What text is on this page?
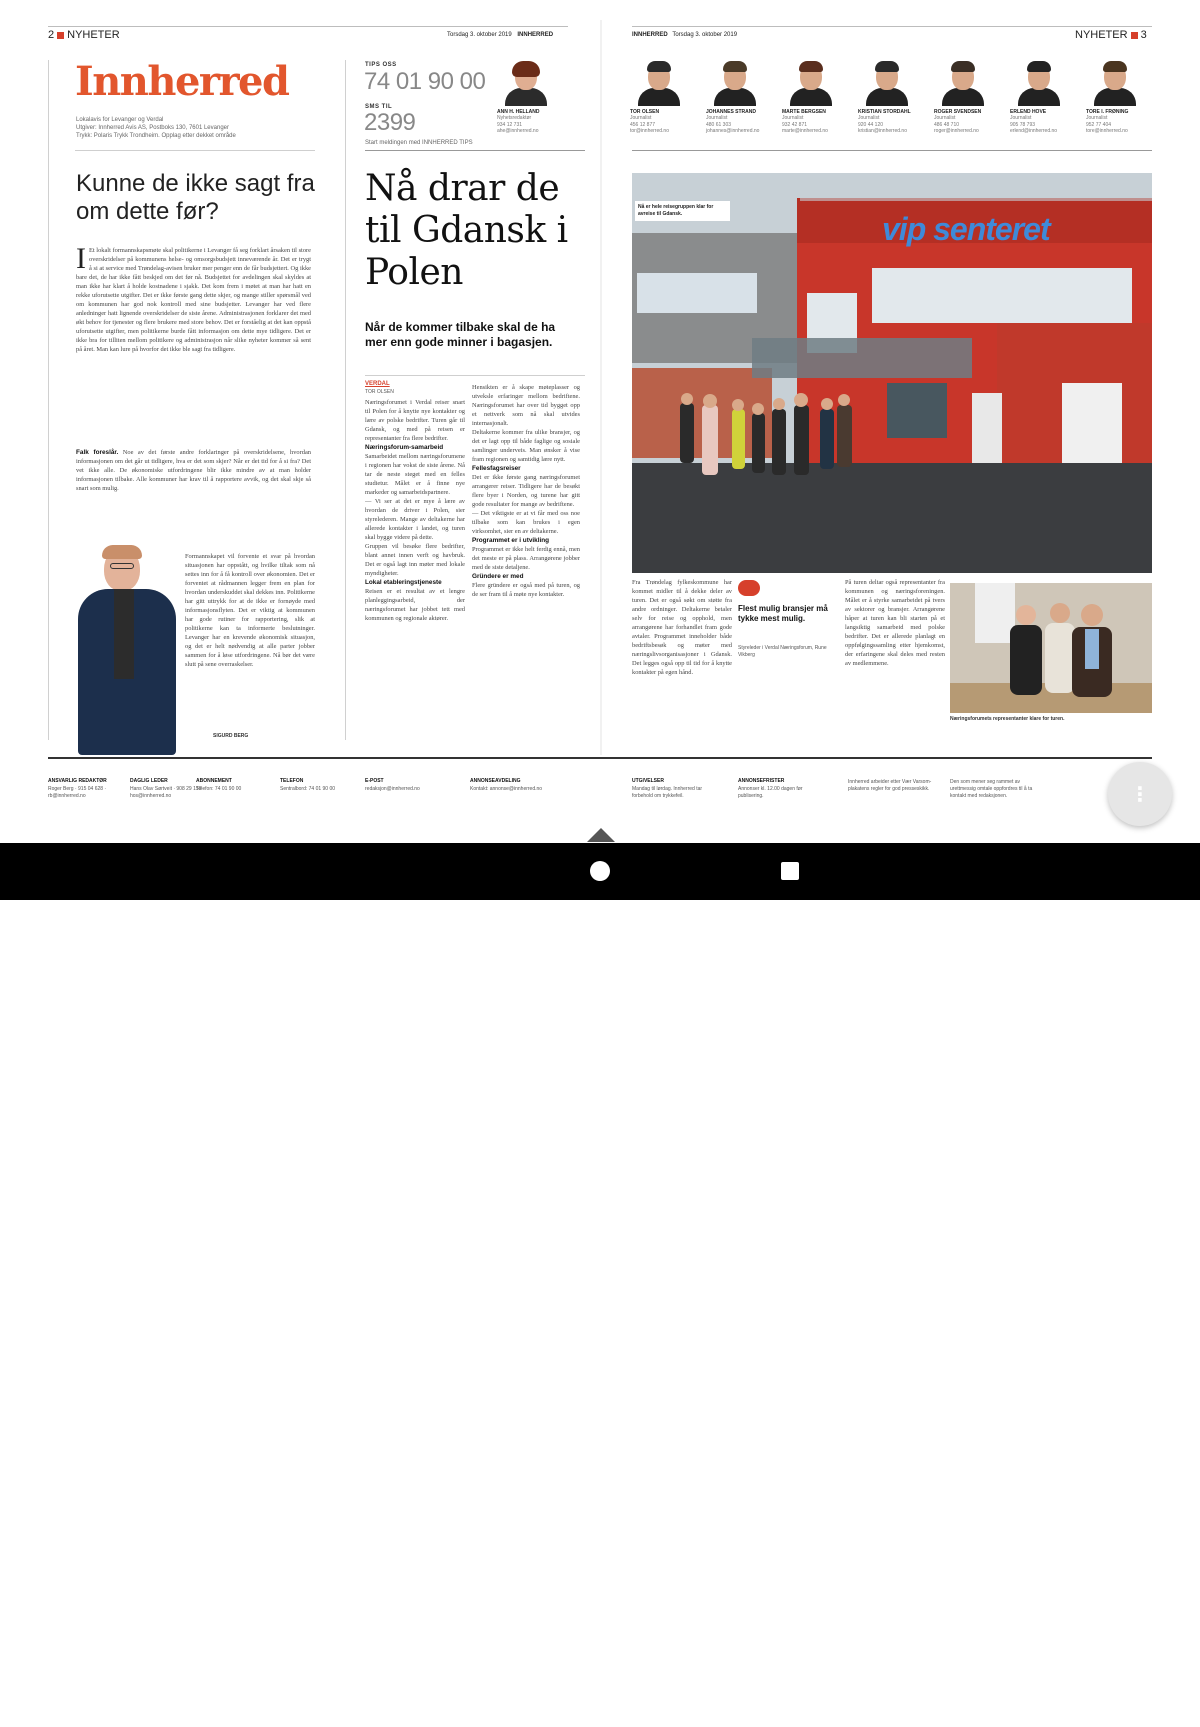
2 NYHETER	Torsdag 3. oktober 2019 INNHERRED	INNHERRED Torsdag 3. oktober 2019	NYHETER 3
Innherred
Lokalavis for Levanger og Verdal
Utgiver: Innherred Avis AS, Postboks 130, 7601 Levanger
Trykk: Polaris Trykk Trondheim. Opplag etter dekket område
TIPS OSS
74 01 90 00
SMS TIL
2399
Start meldingen med INNHERRED TIPS
ANN H. HELLAND
Nyhetsredaktør
934 12 731
ahe@innherred.no
TOR OLSEN
Journalist
456 12 877
tor@innherred.no
JOHANNES STRAND
Journalist
480 61 303
johannes@innherred.no
MARTE BERGSEN
Journalist
932 42 871
marte@innherred.no
KRISTIAN STORDAHL
Journalist
920 44 120
kristian@innherred.no
ROGER SVENDSEN
Journalist
486 48 710
roger@innherred.no
ERLEND HOVE
Journalist
905 78 793
erlend@innherred.no
TORE I. FRØNING
Journalist
952 77 404
tore@innherred.no
Kunne de ikke sagt fra om dette før?
I Et lokalt formannskapsmøte skal politikerne i Levanger få seg forklart årsaken til store overskridelser på kommunens helse- og omsorgsbudsjett inneværende år. Det er trygt å si at service med Trøndelag-avisen bruker mer penger enn de får budsjettert. Og ikke bare det, de har ikke fått beskjed om det før nå. Budsjettet for avdelingen skal skyldes at man ikke har klart å holde kostnadene i sjakk. Det kom frem i møtet at man har hatt en rekke uforutsette utgifter. Det er ikke første gang dette skjer, og mange stiller spørsmål ved om kommunen har god nok kontroll med sine budsjetter. Levanger har ved flere anledninger hatt lignende overskridelser de siste årene. Administrasjonen forklarer det med økt behov for tjenester og flere brukere med store behov. Det er forståelig at det kan oppstå uforutsette utgifter, men politikerne burde fått informasjon om dette mye tidligere. Det er ikke bra for tilliten mellom politikere og administrasjon når slike nyheter kommer så sent på året. Man kan lure på hvorfor det ikke ble sagt fra tidligere.
Falk foreslår. Noe av det første andre forklaringer på overskridelsene, hvordan informasjonen om det går ut tidligere, hva er det som skjer? Når er det tid for å si fra? Det vet ikke alle. De økonomiske utfordringene blir ikke mindre av at man holder informasjonen tilbake. Alle kommuner har krav til å rapportere avvik, og det skal skje så snart som mulig.
Formannskapet vil forvente et svar på hvordan situasjonen har oppstått, og hvilke tiltak som nå settes inn for å få kontroll over økonomien. Det er forventet at rådmannen legger frem en plan for hvordan underskuddet skal dekkes inn. Politikerne har gitt uttrykk for at de ikke er fornøyde med informasjonsflyten. Det er viktig at kommunen har gode rutiner for rapportering, slik at politikerne kan ta informerte beslutninger. Levanger har en krevende økonomisk situasjon, og det er helt nødvendig at alle parter jobber sammen for å løse utfordringene. Nå bør det være slutt på sene overraskelser.
SIGURD BERG
Nå drar de til Gdansk i Polen
Når de kommer tilbake skal de ha mer enn gode minner i bagasjen.
VERDAL
TOR OLSEN
Næringsforumet i Verdal reiser snart til Polen for å knytte nye kontakter og lære av polske bedrifter. Turen går til Gdansk, og med på reisen er representanter fra flere bedrifter.
Næringsforum-samarbeid
Samarbeidet mellom næringsforumene i regionen har vokst de siste årene. Nå tar de neste steget med en felles studietur. Målet er å finne nye markeder og samarbeidspartnere.
— Vi ser at det er mye å lære av hvordan de driver i Polen, sier styrelederen. Mange av deltakerne har allerede kontakter i landet, og turen skal bygge videre på dette.
Gruppen vil besøke flere bedrifter, blant annet innen verft og havbruk. Det er også lagt inn møter med lokale myndigheter.
Lokal etableringstjeneste
Reisen er et resultat av et lengre planleggingsarbeid, der næringsforumet har jobbet tett med kommunen og regionale aktører.
Hensikten er å skape møteplasser og utveksle erfaringer mellom bedriftene. Næringsforumet har over tid bygget opp et nettverk som nå skal utvides internasjonalt.
Deltakerne kommer fra ulike bransjer, og det er lagt opp til både faglige og sosiale samlinger underveis. Man ønsker å vise fram regionen og samtidig lære nytt.
Fellesfagsreiser
Det er ikke første gang næringsforumet arrangerer reiser. Tidligere har de besøkt flere byer i Norden, og turene har gitt gode resultater for mange av bedriftene.
— Det viktigste er at vi får med oss noe tilbake som kan brukes i egen virksomhet, sier en av deltakerne.
Programmet er i utvikling
Programmet er ikke helt ferdig ennå, men det meste er på plass. Arrangørene jobber med de siste detaljene.
Gründere er med
Flere gründere er også med på turen, og de ser fram til å møte nye kontakter.
vip senteret
Nå er hele reisegruppen klar for avreise til Gdansk.
Fra Trøndelag fylkeskommune har kommet midler til å dekke deler av turen. Det er også søkt om støtte fra andre ordninger. Deltakerne betaler selv for reise og opphold, men arrangørene har forhandlet fram gode avtaler. Programmet inneholder både bedriftsbesøk og møter med næringslivsorganisasjoner i Gdansk. Det legges også opp til tid for å knytte kontakter på egen hånd.
Flest mulig bransjer må tykke mest mulig.
Styreleder i Verdal Næringsforum, Rune Vikberg
På turen deltar også representanter fra kommunen og næringsforeningen. Målet er å styrke samarbeidet på tvers av sektorer og bransjer. Arrangørene håper at turen kan bli starten på et langsiktig samarbeid med polske bedrifter. Det er allerede planlagt en oppfølgingssamling etter hjemkomst, der erfaringene skal deles med resten av medlemmene.
Næringsforumets representanter klare for turen.
ANSVARLIG REDAKTØR
Roger Berg · 915 04 628 · rb@innherred.no
DAGLIG LEDER
Hans Olav Sørtveit · 908 29 159 · hos@innherred.no
ABONNEMENT
Telefon: 74 01 90 00
TELEFON
Sentralbord: 74 01 90 00
E-POST
redaksjon@innherred.no
ANNONSEAVDELING
Kontakt: annonse@innherred.no
UTGIVELSER
Mandag til lørdag. Innherred tar forbehold om trykkefeil.
ANNONSEFRISTER
Annonser kl. 12.00 dagen før publisering.
Innherred arbeider etter Vær Varsom-plakatens regler for god presseskikk.
Den som mener seg rammet av urettmessig omtale oppfordres til å ta kontakt med redaksjonen.	⋮
